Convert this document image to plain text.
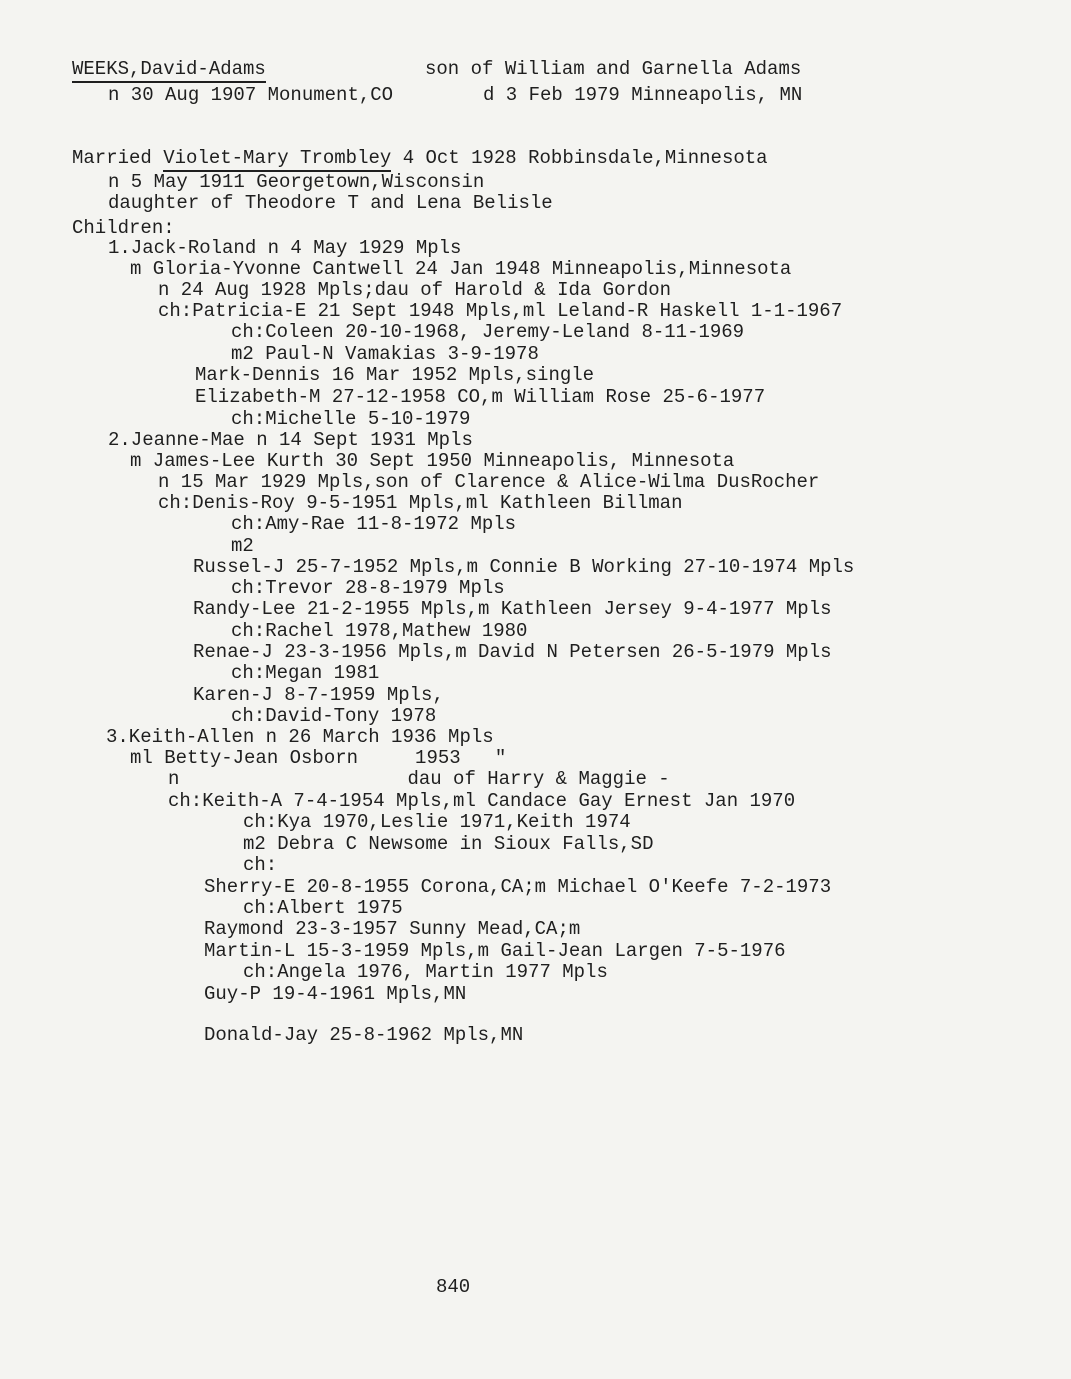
WEEKS,David-Adams	son of William and Garnella Adams
n 30 Aug 1907 Monument,CO	d 3 Feb 1979 Minneapolis, MN
Married Violet-Mary Trombley 4 Oct 1928 Robbinsdale,Minnesota
n 5 May 1911 Georgetown,Wisconsin
daughter of Theodore T and Lena Belisle
Children:
1.Jack-Roland n 4 May 1929 Mpls
m Gloria-Yvonne Cantwell 24 Jan 1948 Minneapolis,Minnesota
n 24 Aug 1928 Mpls;dau of Harold & Ida Gordon
ch:Patricia-E 21 Sept 1948 Mpls,ml Leland-R Haskell 1-1-1967
ch:Coleen 20-10-1968, Jeremy-Leland 8-11-1969
m2 Paul-N Vamakias 3-9-1978
Mark-Dennis 16 Mar 1952 Mpls,single
Elizabeth-M 27-12-1958 CO,m William Rose 25-6-1977
ch:Michelle 5-10-1979
2.Jeanne-Mae n 14 Sept 1931 Mpls
m James-Lee Kurth 30 Sept 1950 Minneapolis, Minnesota
n 15 Mar 1929 Mpls,son of Clarence & Alice-Wilma DusRocher
ch:Denis-Roy 9-5-1951 Mpls,ml Kathleen Billman
ch:Amy-Rae 11-8-1972 Mpls
m2
Russel-J 25-7-1952 Mpls,m Connie B Working 27-10-1974 Mpls
ch:Trevor 28-8-1979 Mpls
Randy-Lee 21-2-1955 Mpls,m Kathleen Jersey 9-4-1977 Mpls
ch:Rachel 1978,Mathew 1980
Renae-J 23-3-1956 Mpls,m David N Petersen 26-5-1979 Mpls
ch:Megan 1981
Karen-J 8-7-1959 Mpls,
ch:David-Tony 1978
3.Keith-Allen n 26 March 1936 Mpls
ml Betty-Jean Osborn     1953   "
n                    dau of Harry & Maggie -
ch:Keith-A 7-4-1954 Mpls,ml Candace Gay Ernest Jan 1970
ch:Kya 1970,Leslie 1971,Keith 1974
m2 Debra C Newsome in Sioux Falls,SD
ch:
Sherry-E 20-8-1955 Corona,CA;m Michael O'Keefe 7-2-1973
ch:Albert 1975
Raymond 23-3-1957 Sunny Mead,CA;m
Martin-L 15-3-1959 Mpls,m Gail-Jean Largen 7-5-1976
ch:Angela 1976, Martin 1977 Mpls
Guy-P 19-4-1961 Mpls,MN
Donald-Jay 25-8-1962 Mpls,MN
840
